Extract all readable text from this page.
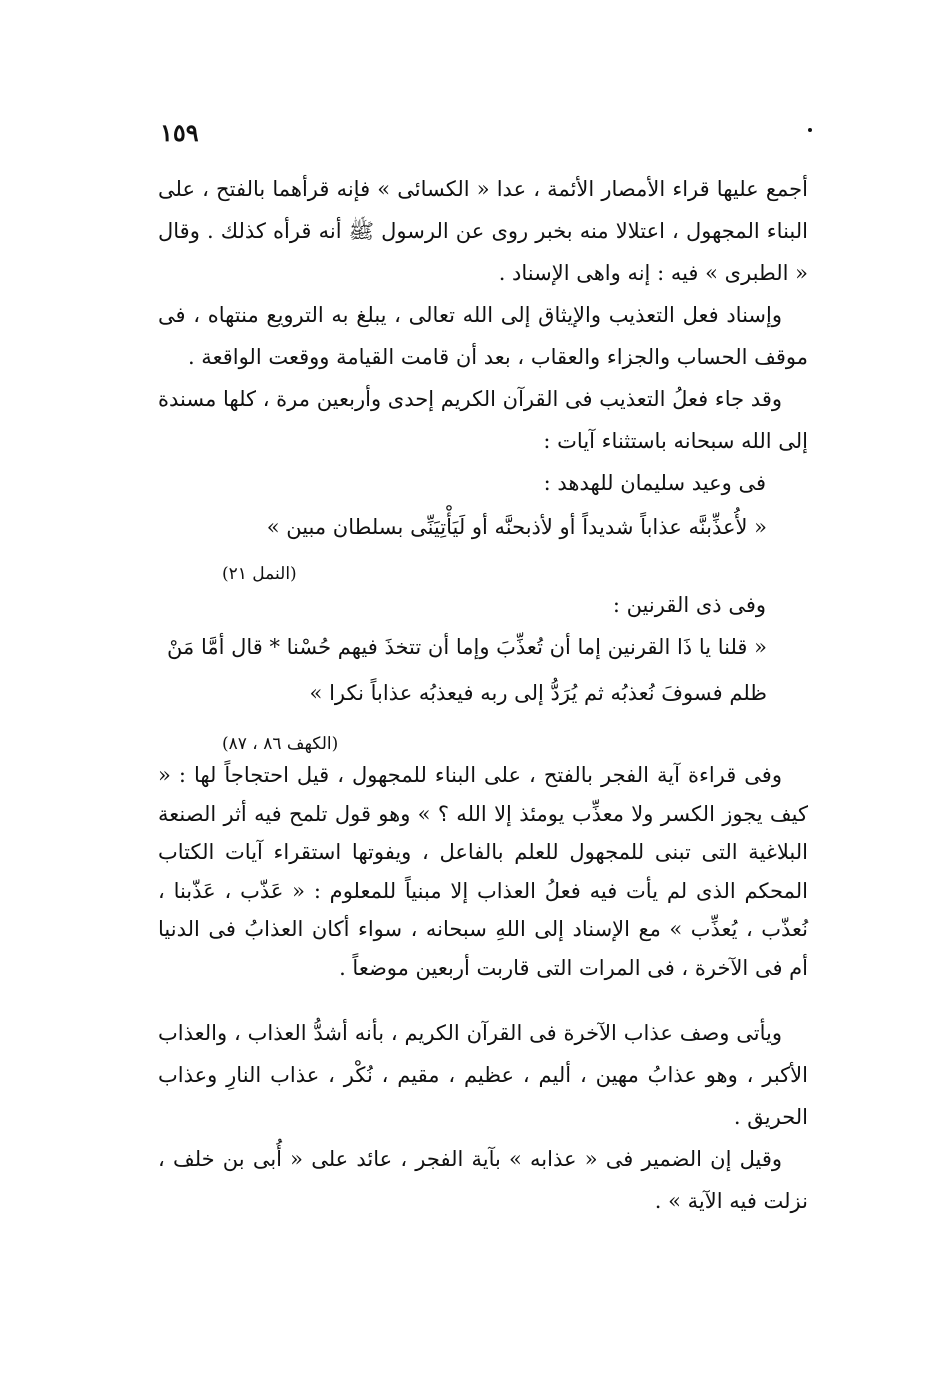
١٥٩

أجمع عليها قراء الأمصار الأئمة ، عدا « الكسائى » فإنه قرأهما بالفتح ، على البناء المجهول ، اعتلالا منه بخبر روى عن الرسول ﷺ أنه قرأه كذلك . وقال « الطبرى » فيه : إنه واهى الإسناد .

وإسناد فعل التعذيب والإيثاق إلى الله تعالى ، يبلغ به الترويع منتهاه ، فى موقف الحساب والجزاء والعقاب ، بعد أن قامت القيامة ووقعت الواقعة .

وقد جاء فعلُ التعذيب فى القرآن الكريم إحدى وأربعين مرة ، كلها مسندة إلى الله سبحانه باستثناء آيات :

فى وعيد سليمان للهدهد :

« لأُعذِّبنَّه عذاباً شديداً أو لأذبحنَّه أو لَيَأْتِيَنِّى بسلطان مبين »
(النمل ٢١)

وفى ذى القرنين :

« قلنا يا ذَا القرنين إما أن تُعذِّبَ وإما أن تتخذَ فيهم حُسْنا * قال أمَّا مَنْ
ظلم فسوفَ نُعذبُه ثم يُرَدُّ إلى ربه فيعذبُه عذاباً نكرا »
(الكهف ٨٦ ، ٨٧)

وفى قراءة آية الفجر بالفتح ، على البناء للمجهول ، قيل احتجاجاً لها : « كيف يجوز الكسر ولا معذِّب يومئذ إلا الله ؟ » وهو قول تلمح فيه أثر الصنعة البلاغية التى تبنى للمجهول للعلم بالفاعل ، ويفوتها استقراء آيات الكتاب المحكم الذى لم يأت فيه فعلُ العذاب إلا مبنياً للمعلوم : « عَذّب ، عَذّبنا ، نُعذّب ، يُعذِّب » مع الإسناد إلى اللهِ سبحانه ، سواء أكان العذابُ فى الدنيا أم فى الآخرة ، فى المرات التى قاربت أربعين موضعاً .

ويأتى وصف عذاب الآخرة فى القرآن الكريم ، بأنه أشدُّ العذاب ، والعذاب الأكبر ، وهو عذابُ مهين ، أليم ، عظيم ، مقيم ، نُكْر ، عذاب النارِ وعذاب الحريق .

وقيل إن الضمير فى « عذابه » بآية الفجر ، عائد على « أُبى بن خلف ، نزلت فيه الآية » .
